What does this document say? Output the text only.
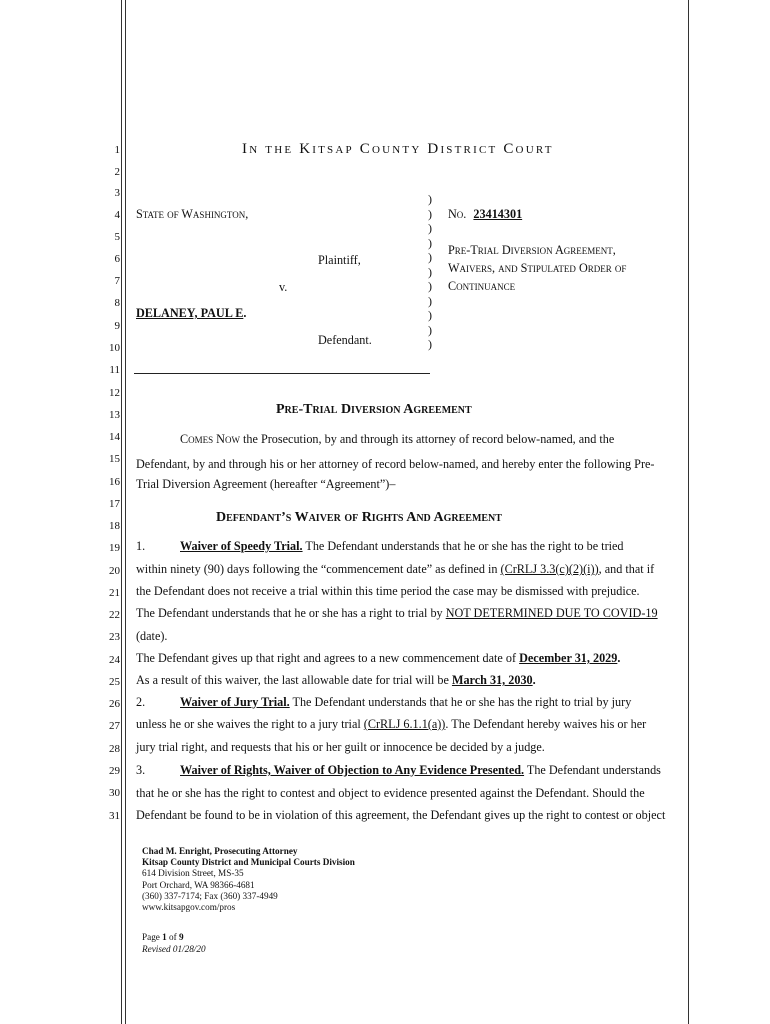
1
2
3
4
5
6
7
8
9
10
11
12
13
14
15
16
17
18
19
20
21
22
23
24
25
26
27
28
29
30
31
In the Kitsap County District Court
State of Washington,
Plaintiff,
v.
DELANEY, PAUL E.
Defendant.
)
)
)
)
)
)
)
)
)
)
)
No. 23414301
Pre-Trial Diversion Agreement,
Waivers, and Stipulated Order of
Continuance
Pre-Trial Diversion Agreement
Comes Now the Prosecution, by and through its attorney of record below-named, and the
Defendant, by and through his or her attorney of record below-named, and hereby enter the following Pre-
Trial Diversion Agreement (hereafter “Agreement”)–
Defendant’s Waiver of Rights And Agreement
1.	Waiver of Speedy Trial. The Defendant understands that he or she has the right to be tried
within ninety (90) days following the “commencement date” as defined in (CrRLJ 3.3(c)(2)(i)), and that if
the Defendant does not receive a trial within this time period the case may be dismissed with prejudice.
The Defendant understands that he or she has a right to trial by NOT DETERMINED DUE TO COVID-19
(date).
The Defendant gives up that right and agrees to a new commencement date of December 31, 2029.
As a result of this waiver, the last allowable date for trial will be March 31, 2030.
2.	Waiver of Jury Trial. The Defendant understands that he or she has the right to trial by jury
unless he or she waives the right to a jury trial (CrRLJ 6.1.1(a)). The Defendant hereby waives his or her
jury trial right, and requests that his or her guilt or innocence be decided by a judge.
3.	Waiver of Rights, Waiver of Objection to Any Evidence Presented. The Defendant understands
that he or she has the right to contest and object to evidence presented against the Defendant. Should the
Defendant be found to be in violation of this agreement, the Defendant gives up the right to contest or object
Chad M. Enright, Prosecuting Attorney
Kitsap County District and Municipal Courts Division
614 Division Street, MS-35
Port Orchard, WA 98366-4681
(360) 337-7174; Fax (360) 337-4949
www.kitsapgov.com/pros
Page 1 of 9
Revised 01/28/20
